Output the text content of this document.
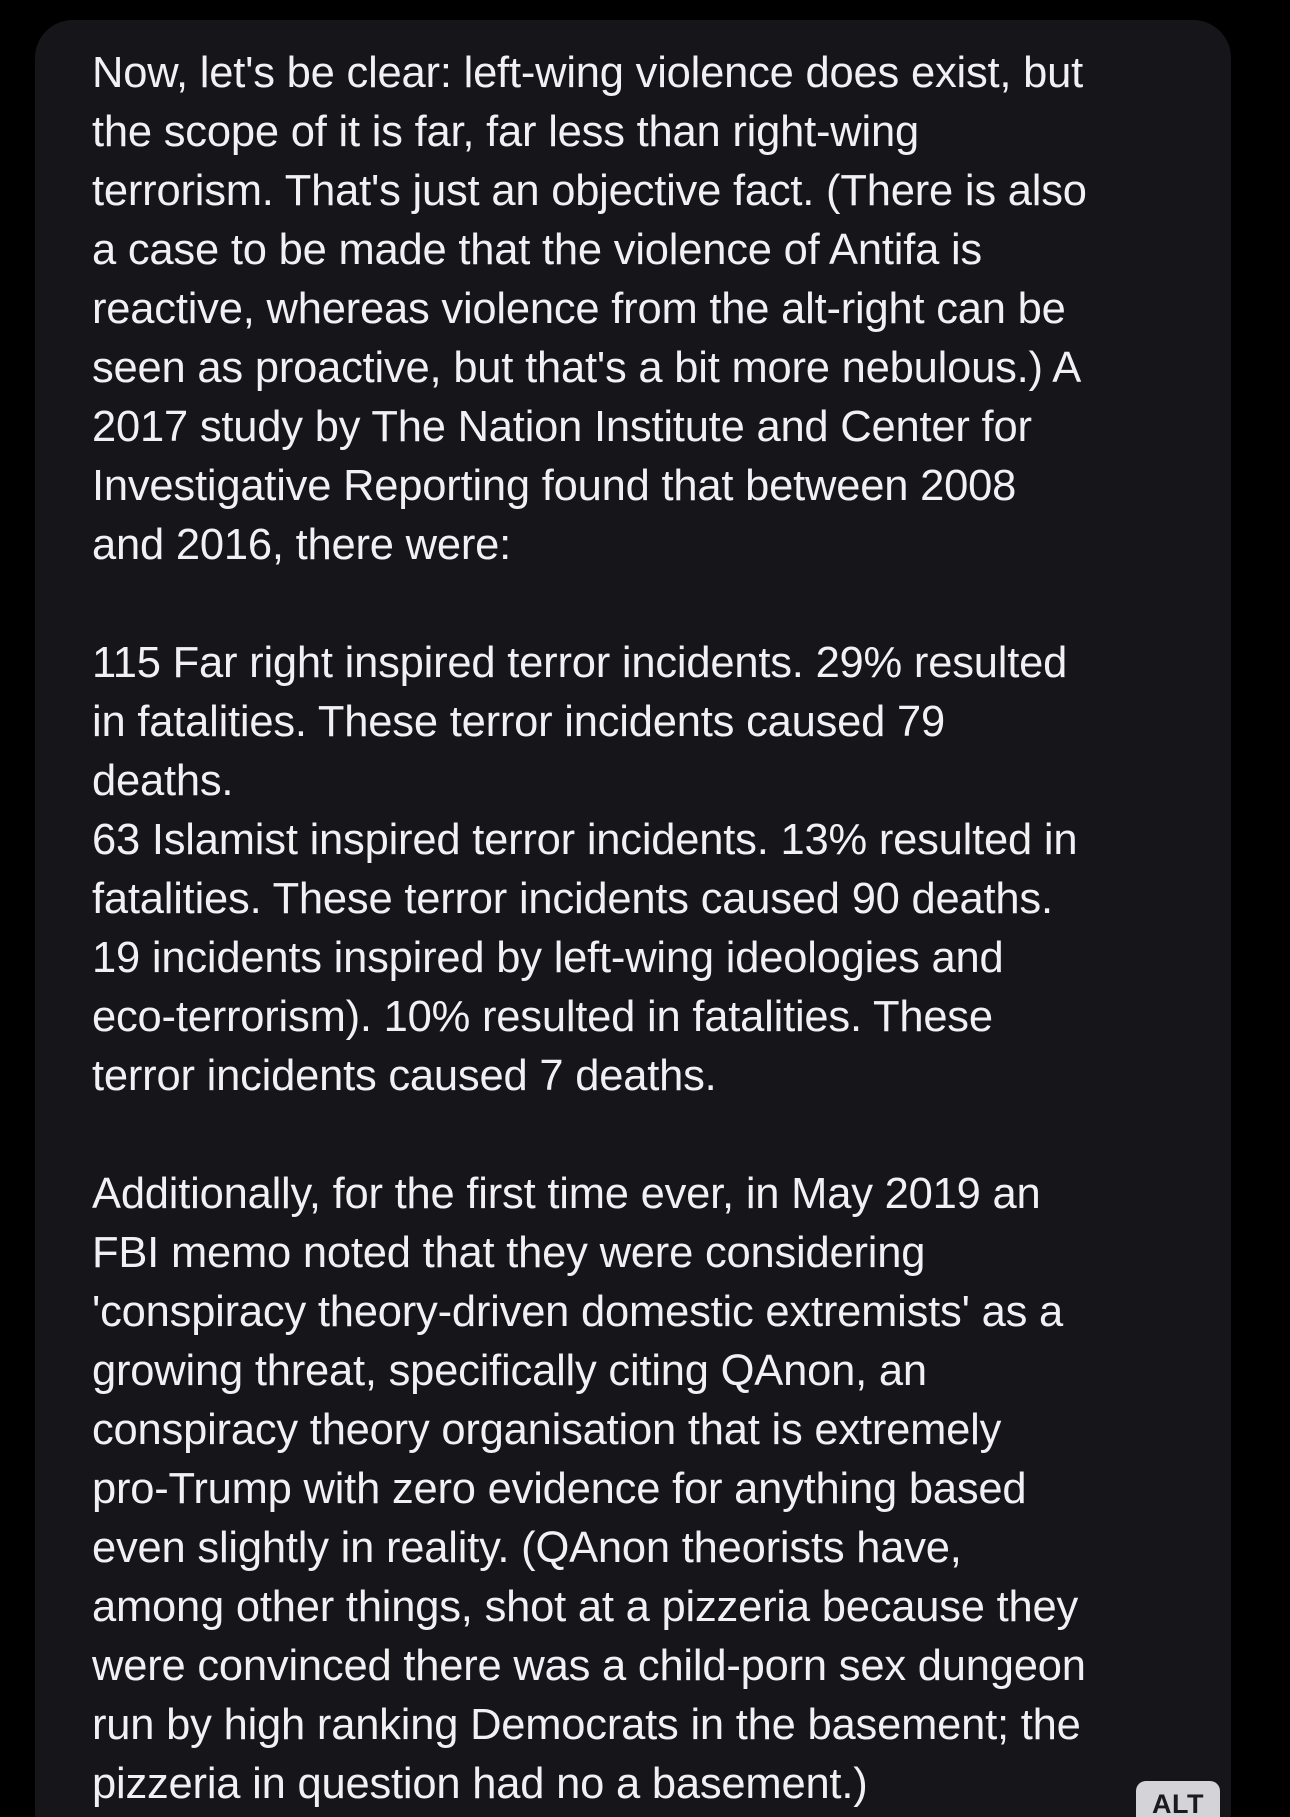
Now, let's be clear: left-wing violence does exist, but
the scope of it is far, far less than right-wing
terrorism. That's just an objective fact. (There is also
a case to be made that the violence of Antifa is
reactive, whereas violence from the alt-right can be
seen as proactive, but that's a bit more nebulous.) A
2017 study by The Nation Institute and Center for
Investigative Reporting found that between 2008
and 2016, there were:
115 Far right inspired terror incidents. 29% resulted
in fatalities. These terror incidents caused 79
deaths.
63 Islamist inspired terror incidents. 13% resulted in
fatalities. These terror incidents caused 90 deaths.
19 incidents inspired by left-wing ideologies and
eco-terrorism). 10% resulted in fatalities. These
terror incidents caused 7 deaths.
Additionally, for the first time ever, in May 2019 an
FBI memo noted that they were considering
'conspiracy theory-driven domestic extremists' as a
growing threat, specifically citing QAnon, an
conspiracy theory organisation that is extremely
pro-Trump with zero evidence for anything based
even slightly in reality. (QAnon theorists have,
among other things, shot at a pizzeria because they
were convinced there was a child-porn sex dungeon
run by high ranking Democrats in the basement; the
pizzeria in question had no a basement.)	ALT
